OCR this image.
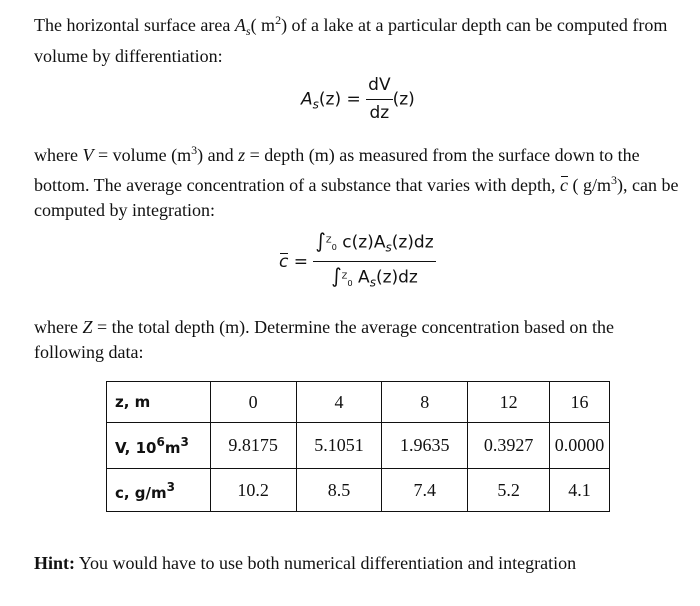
The horizontal surface area $A_s$( $m^2$) of a lake at a particular depth can be computed from volume by differentiation:

$A_s(z) = \frac{dV}{dz} (z)$

where V = volume $(m^3)$ and z = depth (m) as measured from the surface down to the bottom. The average concentration of a substance that varies with depth, c ( $g/m^3$), can be computed by integration:

$c = \frac{\int^Z_0 c(z)A_s(z)dz}{\int^Z_0 A_s(z)dz}$

where Z = the total depth (m). Determine the average concentration based on the following data:

z, m	0	4	8	12	16
V, $10^6m^3$	9.8175	5.1051	1.9635	0.3927	0.0000
c, $g/m^3$	10.2	8.5	7.4	5.2	4.1

Hint: You would have to use both numerical differentiation and integration
